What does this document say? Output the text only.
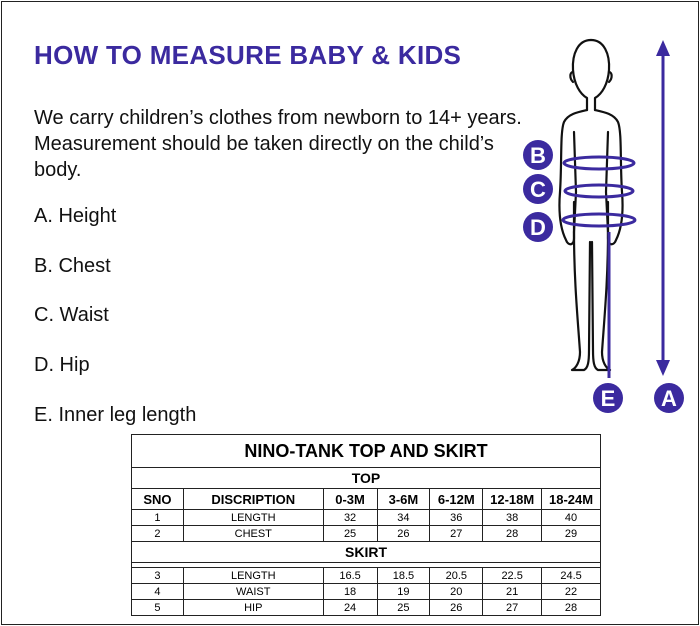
HOW TO MEASURE BABY & KIDS
We carry children’s clothes from newborn to 14+ years. Measurement should be taken directly on the child’s body.
A. Height
B. Chest
C. Waist
D. Hip
E. Inner leg length
B
C
D
E A
NINO-TANK TOP AND SKIRT						
TOP						
SNO	DISCRIPTION	0-3M	3-6M	6-12M	12-18M	18-24M
1	LENGTH	32	34	36	38	40
2	CHEST	25	26	27	28	29
SKIRT						

3	LENGTH	16.5	18.5	20.5	22.5	24.5
4	WAIST	18	19	20	21	22
5	HIP	24	25	26	27	28
